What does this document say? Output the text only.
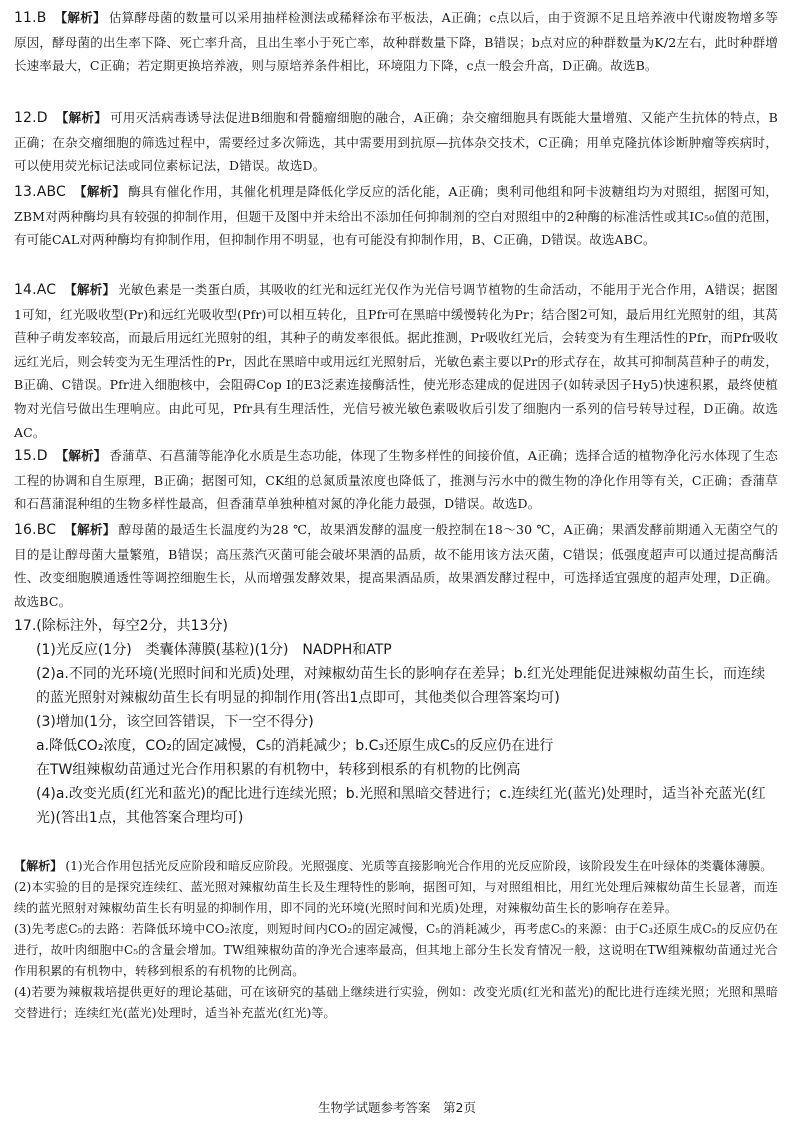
11.B 【解析】 估算酵母菌的数量可以采用抽样检测法或稀释涂布平板法，A正确；c点以后，由于资源不足且培养液中代谢废物增多等原因，酵母菌的出生率下降、死亡率升高，且出生率小于死亡率，故种群数量下降，B错误；b点对应的种群数量为K/2左右，此时种群增长速率最大，C正确；若定期更换培养液，则与原培养条件相比，环境阻力下降，c点一般会升高，D正确。故选B。
12.D 【解析】 可用灭活病毒诱导法促进B细胞和骨髓瘤细胞的融合，A正确；杂交瘤细胞具有既能大量增殖、又能产生抗体的特点，B正确；在杂交瘤细胞的筛选过程中，需要经过多次筛选，其中需要用到抗原—抗体杂交技术，C正确；用单克隆抗体诊断肿瘤等疾病时，可以使用荧光标记法或同位素标记法，D错误。故选D。
13.ABC 【解析】 酶具有催化作用，其催化机理是降低化学反应的活化能，A正确；奥利司他组和阿卡波糖组均为对照组，据图可知，ZBM对两种酶均具有较强的抑制作用，但题干及图中并未给出不添加任何抑制剂的空白对照组中的2种酶的标准活性或其IC₅₀值的范围，有可能CAL对两种酶均有抑制作用，但抑制作用不明显，也有可能没有抑制作用，B、C正确，D错误。故选ABC。
14.AC 【解析】 光敏色素是一类蛋白质，其吸收的红光和远红光仅作为光信号调节植物的生命活动，不能用于光合作用，A错误；据图1可知，红光吸收型(Pr)和远红光吸收型(Pfr)可以相互转化，且Pfr可在黑暗中缓慢转化为Pr；结合图2可知，最后用红光照射的组，其莴苣种子萌发率较高，而最后用远红光照射的组，其种子的萌发率很低。据此推测，Pr吸收红光后，会转变为有生理活性的Pfr，而Pfr吸收远红光后，则会转变为无生理活性的Pr，因此在黑暗中或用远红光照射后，光敏色素主要以Pr的形式存在，故其可抑制莴苣种子的萌发，B正确、C错误。Pfr进入细胞核中，会阻碍Cop Ⅰ的E3泛素连接酶活性，使光形态建成的促进因子(如转录因子Hy5)快速积累，最终使植物对光信号做出生理响应。由此可见，Pfr具有生理活性，光信号被光敏色素吸收后引发了细胞内一系列的信号转导过程，D正确。故选AC。
15.D 【解析】 香蒲草、石菖蒲等能净化水质是生态功能，体现了生物多样性的间接价值，A正确；选择合适的植物净化污水体现了生态工程的协调和自生原理，B正确；据图可知，CK组的总氮质量浓度也降低了，推测与污水中的微生物的净化作用等有关，C正确；香蒲草和石菖蒲混种组的生物多样性最高，但香蒲草单独种植对氮的净化能力最强，D错误。故选D。
16.BC 【解析】 醇母菌的最适生长温度约为28 ℃，故果酒发酵的温度一般控制在18～30 ℃，A正确；果酒发酵前期通入无菌空气的目的是让醇母菌大量繁殖，B错误；高压蒸汽灭菌可能会破坏果酒的品质，故不能用该方法灭菌，C错误；低强度超声可以通过提高酶活性、改变细胞膜通透性等调控细胞生长，从而增强发酵效果，提高果酒品质，故果酒发酵过程中，可选择适宜强度的超声处理，D正确。故选BC。
17.(除标注外，每空2分，共13分)
(1)光反应(1分)　类囊体薄膜(基粒)(1分)　NADPH和ATP
(2)a.不同的光环境(光照时间和光质)处理，对辣椒幼苗生长的影响存在差异；b.红光处理能促进辣椒幼苗生长，而连续的蓝光照射对辣椒幼苗生长有明显的抑制作用(答出1点即可，其他类似合理答案均可)
(3)增加(1分，该空回答错误，下一空不得分)
a.降低CO₂浓度，CO₂的固定减慢，C₅的消耗减少；b.C₃还原生成C₅的反应仍在进行
在TW组辣椒幼苗通过光合作用积累的有机物中，转移到根系的有机物的比例高
(4)a.改变光质(红光和蓝光)的配比进行连续光照；b.光照和黑暗交替进行；c.连续红光(蓝光)处理时，适当补充蓝光(红光)(答出1点，其他答案合理均可)

【解析】 (1)光合作用包括光反应阶段和暗反应阶段。光照强度、光质等直接影响光合作用的光反应阶段，该阶段发生在叶绿体的类囊体薄膜。

(2)本实验的目的是探究连续红、蓝光照对辣椒幼苗生长及生理特性的影响，据图可知，与对照组相比，用红光处理后辣椒幼苗生长显著，而连续的蓝光照射对辣椒幼苗生长有明显的抑制作用，即不同的光环境(光照时间和光质)处理，对辣椒幼苗生长的影响存在差异。

(3)先考虑C₅的去路：若降低环境中CO₂浓度，则短时间内CO₂的固定减慢，C₅的消耗减少，再考虑C₅的来源：由于C₃还原生成C₅的反应仍在进行，故叶肉细胞中C₅的含量会增加。TW组辣椒幼苗的净光合速率最高，但其地上部分生长发育情况一般，这说明在TW组辣椒幼苗通过光合作用积累的有机物中，转移到根系的有机物的比例高。

(4)若要为辣椒栽培提供更好的理论基础，可在该研究的基础上继续进行实验，例如：改变光质(红光和蓝光)的配比进行连续光照；光照和黑暗交替进行；连续红光(蓝光)处理时，适当补充蓝光(红光)等。

生物学试题参考答案　第2页
